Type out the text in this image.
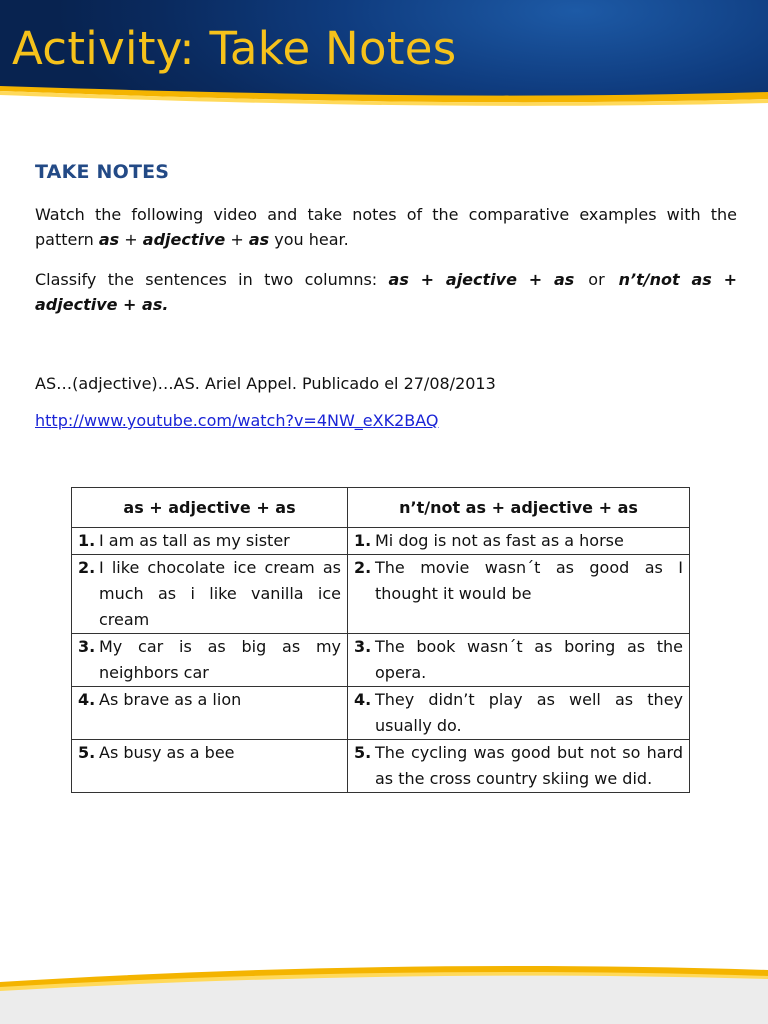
Activity: Take Notes
TAKE NOTES
Watch the following video and take notes of the comparative examples with the pattern as + adjective + as you hear.
Classify the sentences in two columns: as + ajective + as or n’t/not as + adjective + as.
AS…(adjective)…AS. Ariel Appel. Publicado el 27/08/2013
http://www.youtube.com/watch?v=4NW_eXK2BAQ
as + adjective + as	n’t/not as + adjective + as

1. I am as tall as my sister	1. Mi dog is not as fast as a horse

2. I like chocolate ice cream as much as i like vanilla ice cream	2. The movie wasn´t as good as I thought it would be

3. My car is as big as my neighbors car	3. The book wasn´t as boring as the opera.

4. As brave as a lion	4. They didn’t play as well as they usually do.

5. As busy as a bee	5. The cycling was good but not so hard as the cross country skiing we did.
